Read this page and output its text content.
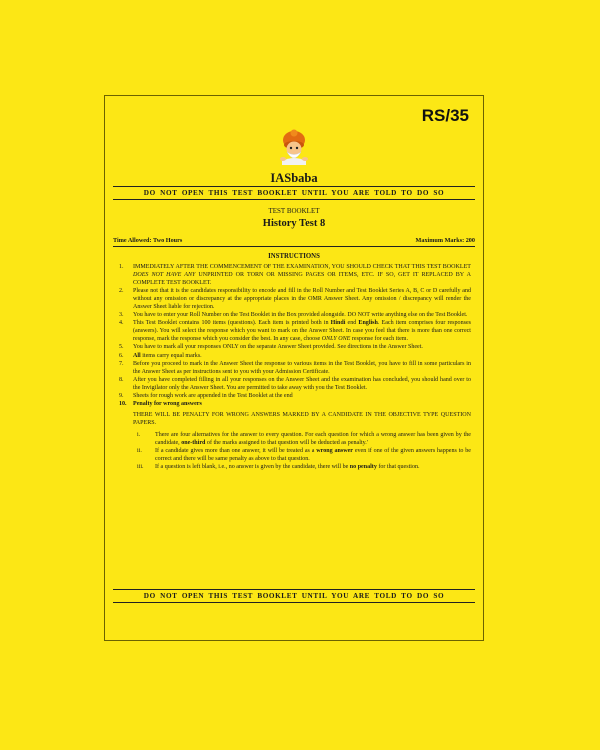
RS/35
IASbaba
DO NOT OPEN THIS TEST BOOKLET UNTIL YOU ARE TOLD TO DO SO
TEST BOOKLET
History Test 8
Time Allowed: Two Hours	Maximum Marks: 200
INSTRUCTIONS
1.	IMMEDIATELY AFTER THE COMMENCEMENT OF THE EXAMINATION, YOU SHOULD CHECK THAT THIS TEST BOOKLET DOES NOT HAVE ANY UNPRINTED OR TORN OR MISSING PAGES OR ITEMS, ETC. IF SO, GET IT REPLACED BY A COMPLETE TEST BOOKLET.
2.	Please not that it is the candidates responsibility to encode and fill in the Roll Number and Test Booklet Series A, B, C or D carefully and without any omission or discrepancy at the appropriate places in the OMR Answer Sheet. Any omission / discrepancy will render the Answer Sheet liable for rejection.
3.	You have to enter your Roll Number on the Test Booklet in the Box provided alongside. DO NOT write anything else on the Test Booklet.
4.	This Test Booklet contains 100 items (questions). Each item is printed both in Hindi end English. Each item comprises four responses (answers). You will select the response which you want to mark on the Answer Sheet. In case you feel that there is more than one correct response, mark the response which you consider the best. In any case, choose ONLY ONE response for each item.
5.	You have to mark all your responses ONLY on the separate Answer Sheet provided. See directions in the Answer Sheet.
6.	All items carry equal marks.
7.	Before you proceed to mark in the Answer Sheet the response to various items in the Test Booklet, you have to fill in some particulars in the Answer Sheet as per instructions sent to you with your Admission Certificate.
8.	After you have completed filling in all your responses on the Answer Sheet and the examination has concluded, you should hand over to the Invigilator only the Answer Sheet. You are permitted to take away with you the Test Booklet.
9.	Sheets for rough work are appended in the Test Booklet at the end
10.	Penalty for wrong answers
THERE WILL BE PENALTY FOR WRONG ANSWERS MARKED BY A CANDIDATE IN THE OBJECTIVE TYPE QUESTION PAPERS.
i.	There are four alternatives for the answer to every question. For each question for which a wrong answer has been given by the candidate, one-third of the marks assigned to that question will be deducted as penalty.'
ii.	If a candidate gives more than one answer, it will be treated as a wrong answer even if one of the given answers happens to be correct and there will be same penalty as above to that question.
iii.	If a question is left blank, i.e., no answer is given by the candidate, there will be no penalty for that question.
DO NOT OPEN THIS TEST BOOKLET UNTIL YOU ARE TOLD TO DO SO
